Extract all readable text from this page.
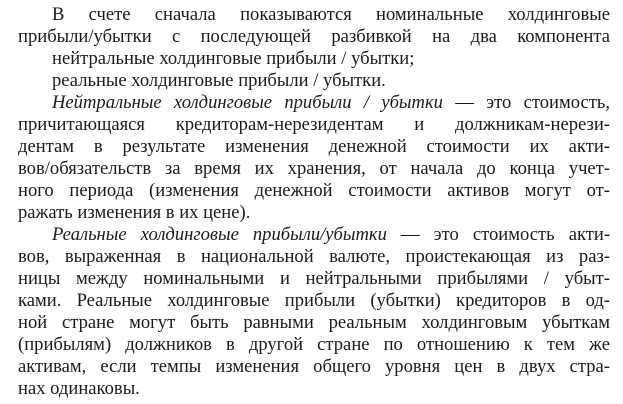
В счете сначала показываются номинальные холдинговые
прибыли/убытки с последующей разбивкой на два компонента
нейтральные холдинговые прибыли / убытки;
реальные холдинговые прибыли / убытки.
Нейтральные холдинговые прибыли / убытки — это стоимость,
причитающаяся кредиторам-нерезидентам и должникам-нерези-
дентам в результате изменения денежной стоимости их акти-
вов/обязательств за время их хранения, от начала до конца учет-
ного периода (изменения денежной стоимости активов могут от-
ражать изменения в их цене).
Реальные холдинговые прибыли/убытки — это стоимость акти-
вов, выраженная в национальной валюте, проистекающая из раз-
ницы между номинальными и нейтральными прибылями / убыт-
ками. Реальные холдинговые прибыли (убытки) кредиторов в од-
ной стране могут быть равными реальным холдинговым убыткам
(прибылям) должников в другой стране по отношению к тем же
активам, если темпы изменения общего уровня цен в двух стра-
нах одинаковы.
